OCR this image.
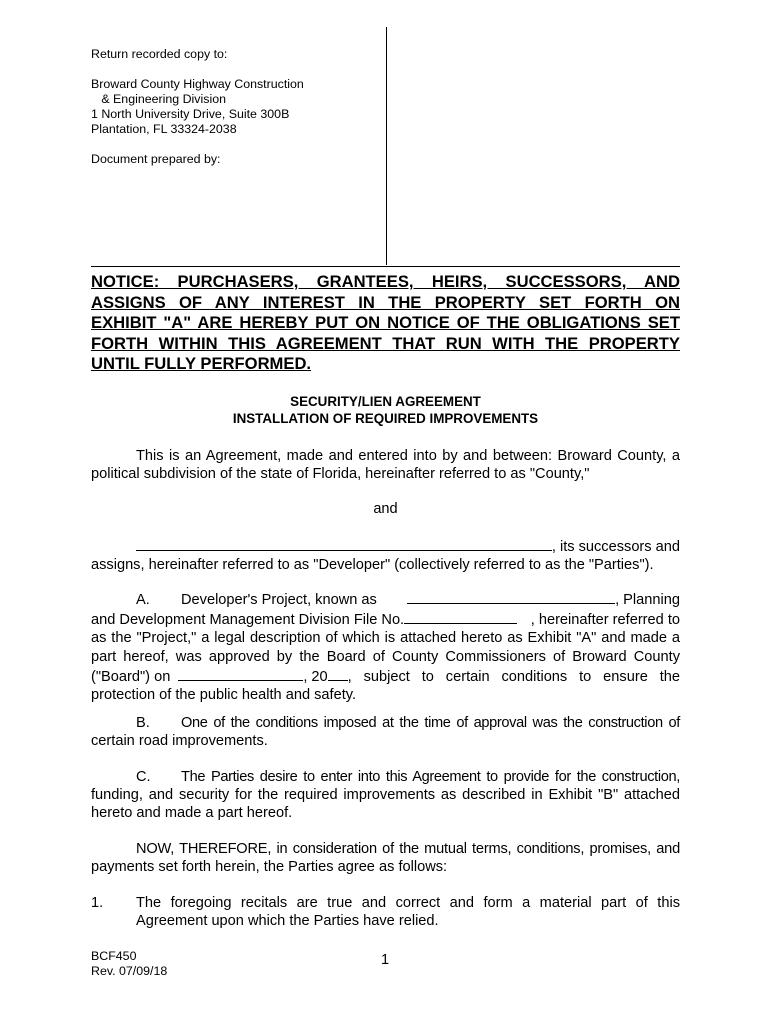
Return recorded copy to:
Broward County Highway Construction
& Engineering Division
1 North University Drive, Suite 300B
Plantation, FL 33324-2038
Document prepared by:
NOTICE: PURCHASERS, GRANTEES, HEIRS, SUCCESSORS, AND
ASSIGNS OF ANY INTEREST IN THE PROPERTY SET FORTH ON
EXHIBIT "A" ARE HEREBY PUT ON NOTICE OF THE OBLIGATIONS SET
FORTH WITHIN THIS AGREEMENT THAT RUN WITH THE PROPERTY
UNTIL FULLY PERFORMED.
SECURITY/LIEN AGREEMENT
INSTALLATION OF REQUIRED IMPROVEMENTS
This is an Agreement, made and entered into by and between: Broward County, a
political subdivision of the state of Florida, hereinafter referred to as "County,"
and
, its successors and
assigns, hereinafter referred to as "Developer" (collectively referred to as the "Parties").
A.	Developer's Project, known as	, Planning
and Development Management Division File No.	, hereinafter referred to
as the "Project," a legal description of which is attached hereto as Exhibit "A" and made a
part hereof, was approved by the Board of County Commissioners of Broward County
("Board") on	, 20 , subject to certain conditions to ensure the
protection of the public health and safety.
B.	One of the conditions imposed at the time of approval was the construction of
certain road improvements.
C.	The Parties desire to enter into this Agreement to provide for the construction,
funding, and security for the required improvements as described in Exhibit "B" attached
hereto and made a part hereof.
NOW, THEREFORE, in consideration of the mutual terms, conditions, promises, and
payments set forth herein, the Parties agree as follows:
1.	The foregoing recitals are true and correct and form a material part of this
Agreement upon which the Parties have relied.
BCF450
Rev. 07/09/18
1
